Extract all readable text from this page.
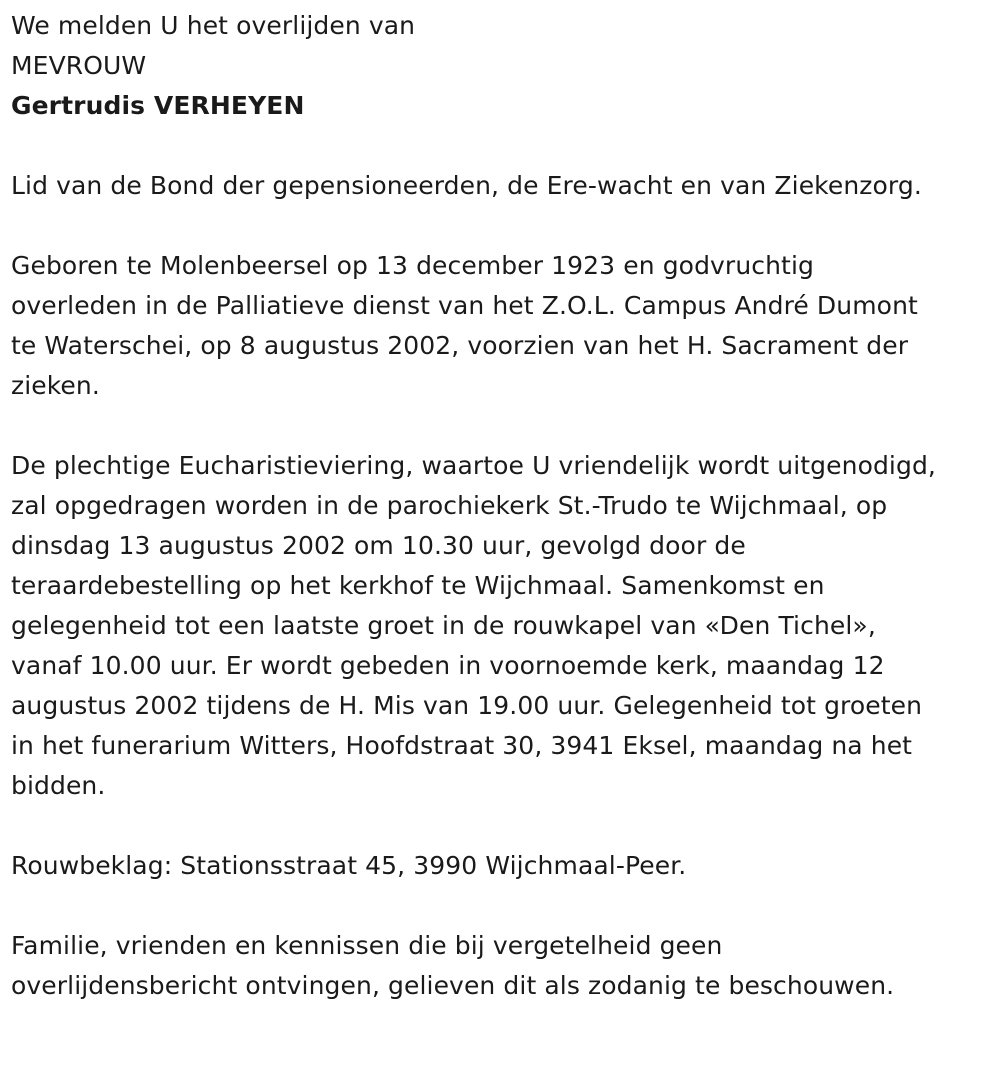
We melden U het overlijden van

MEVROUW

Gertrudis VERHEYEN

Lid van de Bond der gepensioneerden, de Ere-wacht en van Ziekenzorg.

Geboren te Molenbeersel op 13 december 1923 en godvruchtig

overleden in de Palliatieve dienst van het Z.O.L. Campus André Dumont

te Waterschei, op 8 augustus 2002, voorzien van het H. Sacrament der

zieken.

De plechtige Eucharistieviering, waartoe U vriendelijk wordt uitgenodigd,

zal opgedragen worden in de parochiekerk St.-Trudo te Wijchmaal, op

dinsdag 13 augustus 2002 om 10.30 uur, gevolgd door de

teraardebestelling op het kerkhof te Wijchmaal. Samenkomst en

gelegenheid tot een laatste groet in de rouwkapel van «Den Tichel»,

vanaf 10.00 uur. Er wordt gebeden in voornoemde kerk, maandag 12

augustus 2002 tijdens de H. Mis van 19.00 uur. Gelegenheid tot groeten

in het funerarium Witters, Hoofdstraat 30, 3941 Eksel, maandag na het

bidden.

Rouwbeklag: Stationsstraat 45, 3990 Wijchmaal-Peer.

Familie, vrienden en kennissen die bij vergetelheid geen

overlijdensbericht ontvingen, gelieven dit als zodanig te beschouwen.
